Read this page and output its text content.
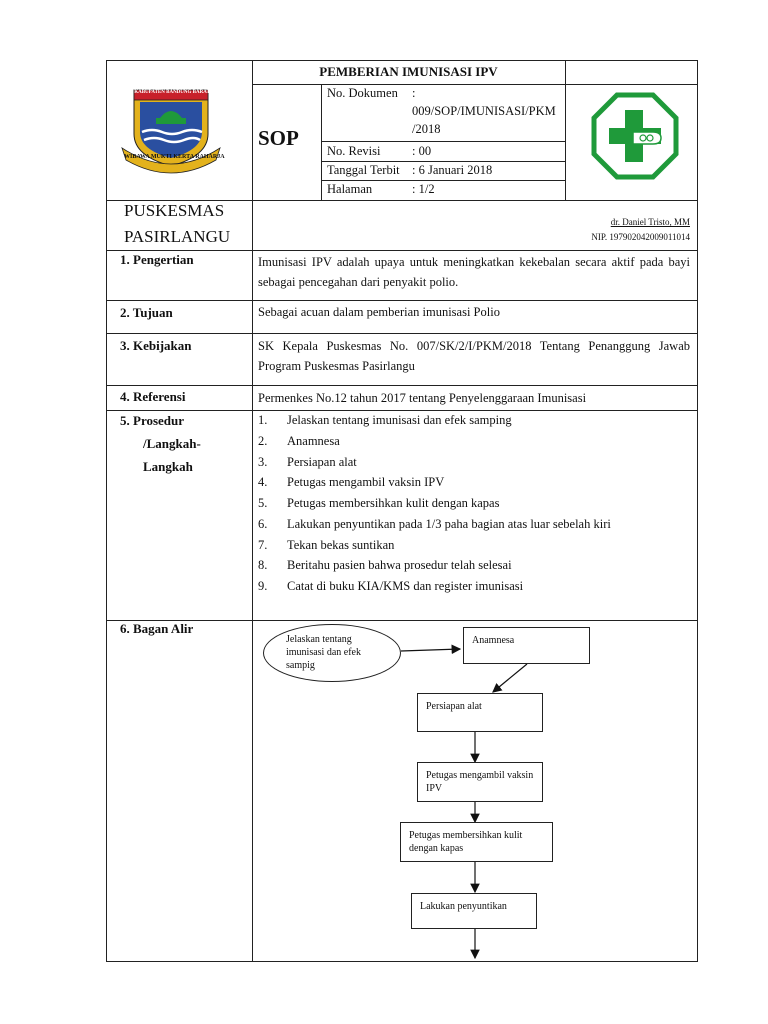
PEMBERIAN IMUNISASI IPV
KABUPATEN BANDUNG BARAT
WIBAWA MUKTI KERTA RAHARJA
SOP
No. Dokumen :
009/SOP/IMUNISASI/PKM
/2018
No. Revisi	: 00
Tanggal Terbit : 6 Januari 2018
Halaman	: 1/2
PUSKESMAS
PASIRLANGU
dr. Daniel Tristo, MM
NIP. 197902042009011014
1. Pengertian
2. Tujuan
3. Kebijakan
4. Referensi
5. Prosedur
/Langkah-
Langkah
6. Bagan Alir
Imunisasi IPV adalah upaya untuk meningkatkan kekebalan secara aktif pada bayi sebagai pencegahan dari penyakit polio.
Sebagai acuan dalam pemberian imunisasi Polio
SK Kepala Puskesmas No. 007/SK/2/I/PKM/2018 Tentang Penanggung Jawab Program Puskesmas Pasirlangu
Permenkes No.12 tahun 2017 tentang Penyelenggaraan Imunisasi
1. Jelaskan tentang imunisasi dan efek samping
2. Anamnesa
3. Persiapan alat
4. Petugas mengambil vaksin IPV
5. Petugas membersihkan kulit dengan kapas
6. Lakukan penyuntikan pada 1/3 paha bagian atas luar sebelah kiri
7. Tekan bekas suntikan
8. Beritahu pasien bahwa prosedur telah selesai
9. Catat di buku KIA/KMS dan register imunisasi
Jelaskan tentang imunisasi dan efek sampig
Anamnesa
Persiapan alat
Petugas mengambil vaksin IPV
Petugas membersihkan kulit dengan kapas
Lakukan penyuntikan
